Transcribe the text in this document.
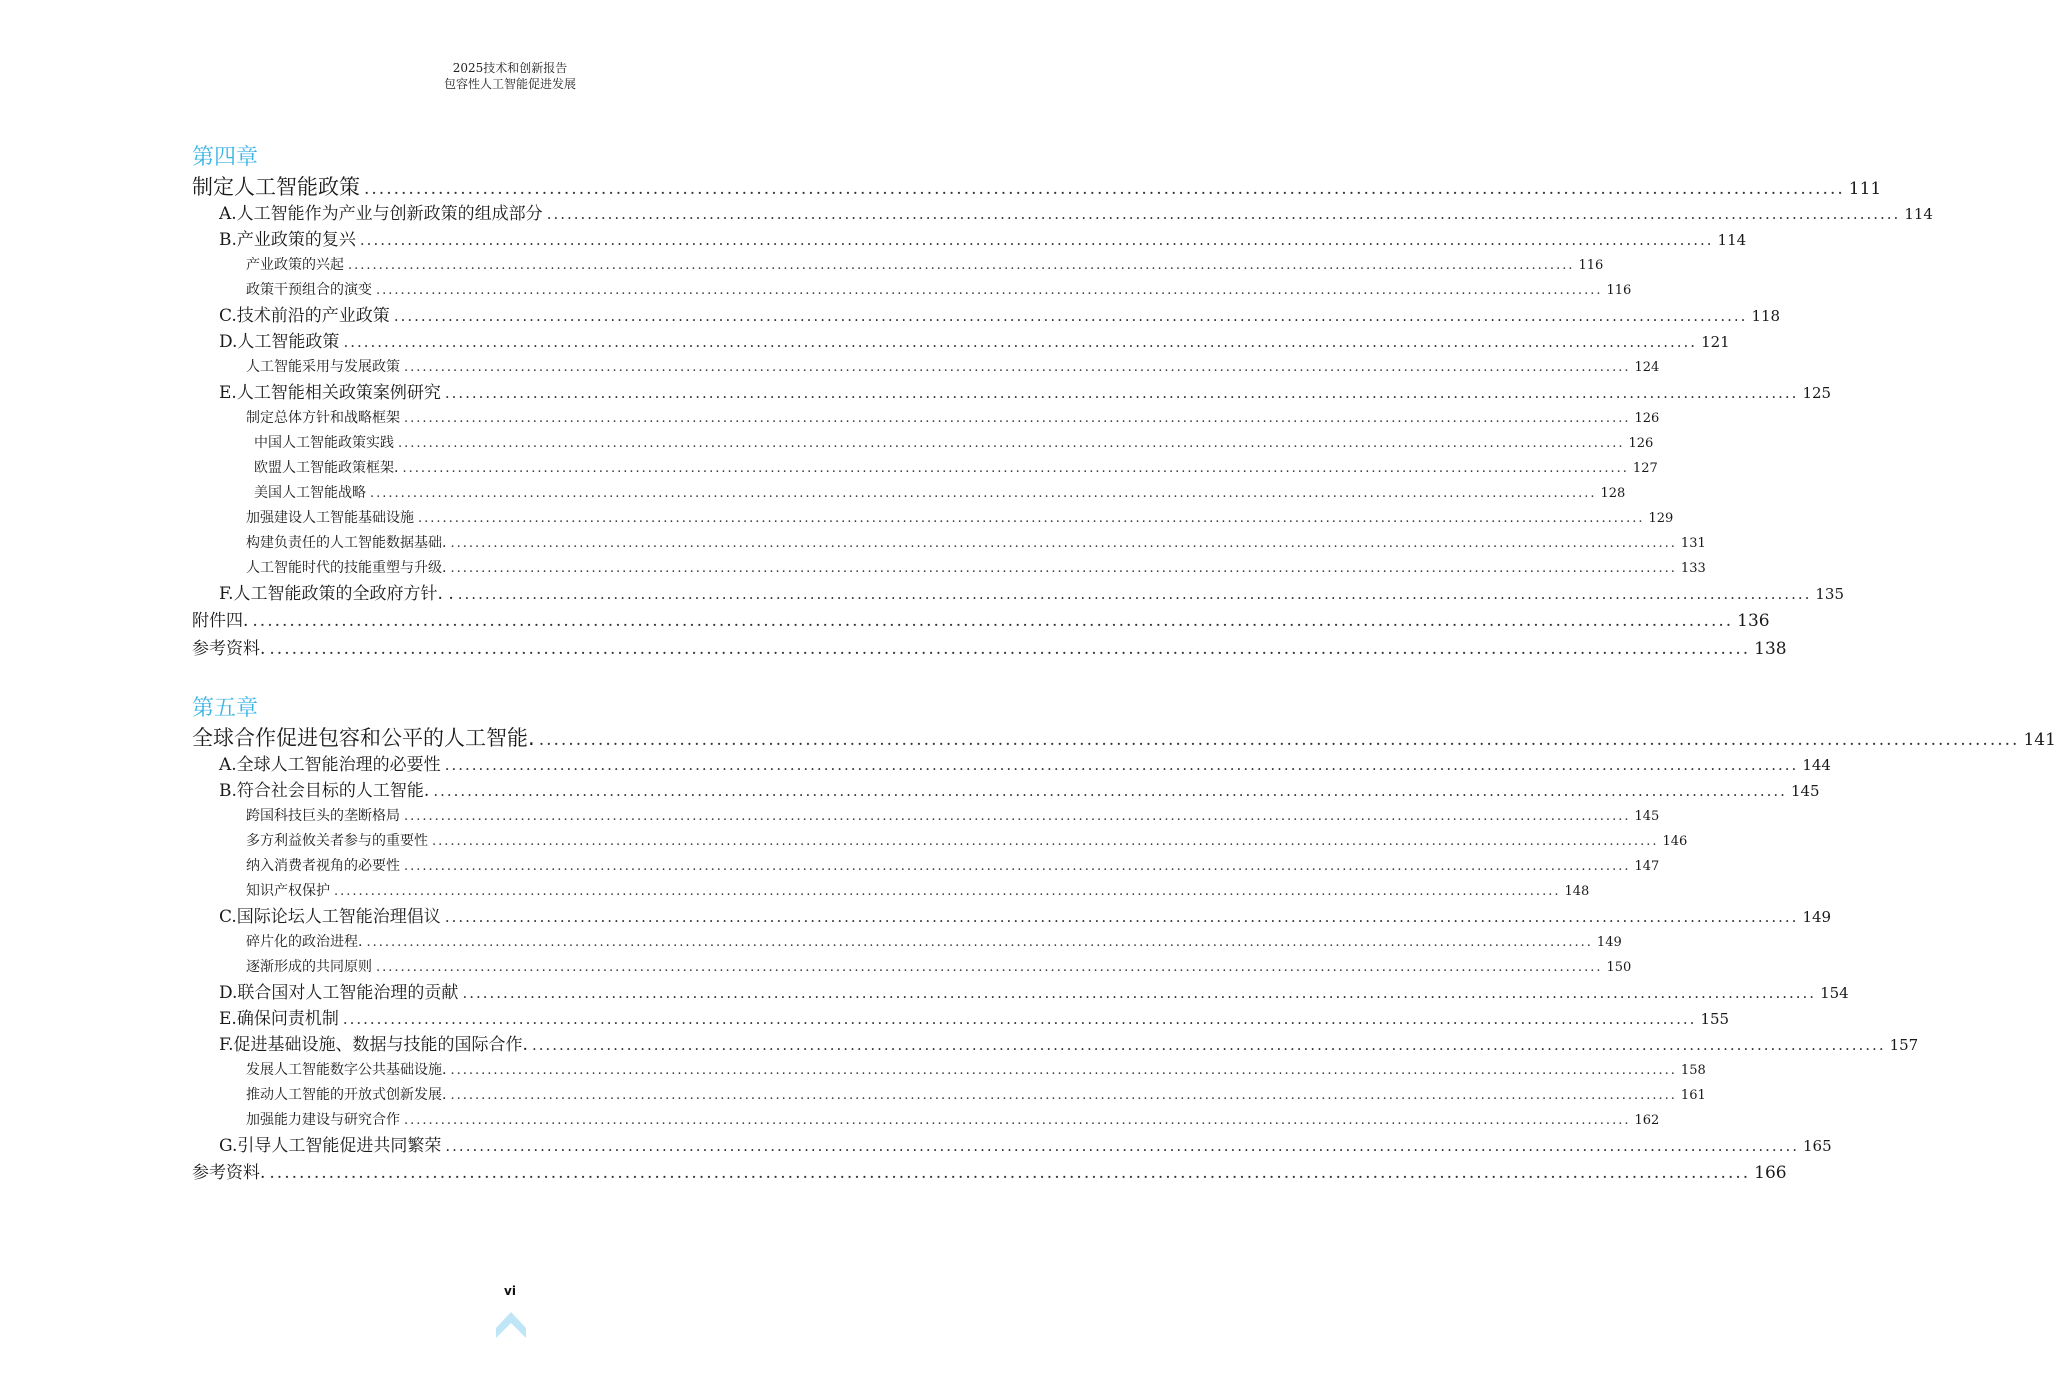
2025技术和创新报告
包容性人工智能促进发展
第四章
制定人工智能政策 ........................................................................................................................................................................................................ 111
A.人工智能作为产业与创新政策的组成部分 ........................................................................................................................................................................................................ 114
B.产业政策的复兴 ........................................................................................................................................................................................................ 114
产业政策的兴起 ........................................................................................................................................................................................................ 116
政策干预组合的演变 ........................................................................................................................................................................................................ 116
C.技术前沿的产业政策 ........................................................................................................................................................................................................ 118
D.人工智能政策 ........................................................................................................................................................................................................ 121
人工智能采用与发展政策 ........................................................................................................................................................................................................ 124
E.人工智能相关政策案例研究 ........................................................................................................................................................................................................ 125
制定总体方针和战略框架 ........................................................................................................................................................................................................ 126
中国人工智能政策实践 ........................................................................................................................................................................................................ 126
欧盟人工智能政策框架. ........................................................................................................................................................................................................ 127
美国人工智能战略 ........................................................................................................................................................................................................ 128
加强建设人工智能基础设施 ........................................................................................................................................................................................................ 129
构建负责任的人工智能数据基础. ........................................................................................................................................................................................................ 131
人工智能时代的技能重塑与升级. ........................................................................................................................................................................................................ 133
F.人工智能政策的全政府方针. . ........................................................................................................................................................................................................ 135
附件四. ........................................................................................................................................................................................................ 136
参考资料. ........................................................................................................................................................................................................ 138
第五章
全球合作促进包容和公平的人工智能. ........................................................................................................................................................................................................ 141
A.全球人工智能治理的必要性 ........................................................................................................................................................................................................ 144
B.符合社会目标的人工智能. ........................................................................................................................................................................................................ 145
跨国科技巨头的垄断格局 ........................................................................................................................................................................................................ 145
多方利益攸关者参与的重要性 ........................................................................................................................................................................................................ 146
纳入消费者视角的必要性 ........................................................................................................................................................................................................ 147
知识产权保护 ........................................................................................................................................................................................................ 148
C.国际论坛人工智能治理倡议 ........................................................................................................................................................................................................ 149
碎片化的政治进程. ........................................................................................................................................................................................................ 149
逐渐形成的共同原则 ........................................................................................................................................................................................................ 150
D.联合国对人工智能治理的贡献 ........................................................................................................................................................................................................ 154
E.确保问责机制 ........................................................................................................................................................................................................ 155
F.促进基础设施、数据与技能的国际合作. ........................................................................................................................................................................................................ 157
发展人工智能数字公共基础设施. ........................................................................................................................................................................................................ 158
推动人工智能的开放式创新发展. ........................................................................................................................................................................................................ 161
加强能力建设与研究合作 ........................................................................................................................................................................................................ 162
G.引导人工智能促进共同繁荣 ........................................................................................................................................................................................................ 165
参考资料. ........................................................................................................................................................................................................ 166
vi
